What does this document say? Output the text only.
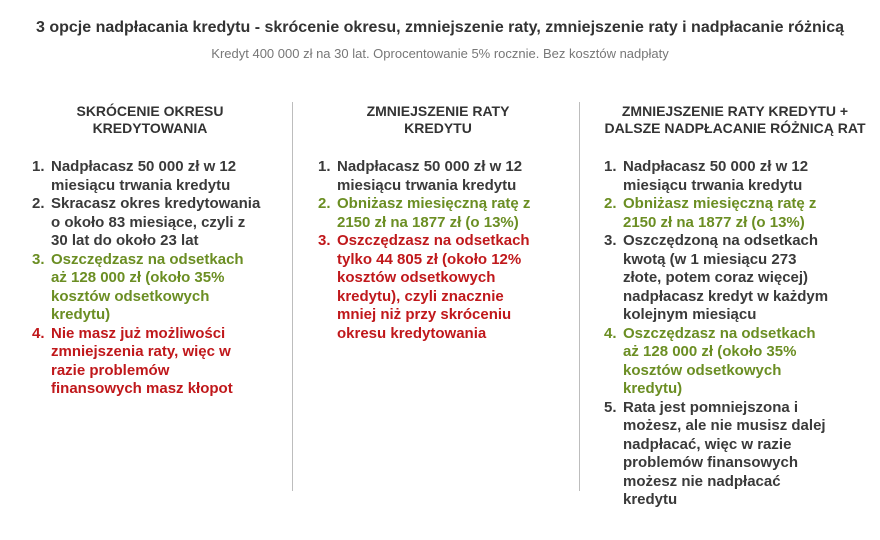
3 opcje nadpłacania kredytu - skrócenie okresu, zmniejszenie raty, zmniejszenie raty i nadpłacanie różnicą
Kredyt 400 000 zł na 30 lat. Oprocentowanie 5% rocznie. Bez kosztów nadpłaty
SKRÓCENIE OKRESU
KREDYTOWANIA
1. Nadpłacasz 50 000 zł w 12
miesiącu trwania kredytu
2. Skracasz okres kredytowania
o około 83 miesiące, czyli z
30 lat do około 23 lat
3. Oszczędzasz na odsetkach
aż 128 000 zł (około 35%
kosztów odsetkowych
kredytu)
4. Nie masz już możliwości
zmniejszenia raty, więc w
razie problemów
finansowych masz kłopot
ZMNIEJSZENIE RATY
KREDYTU
1. Nadpłacasz 50 000 zł w 12
miesiącu trwania kredytu
2. Obniżasz miesięczną ratę z
2150 zł na 1877 zł (o 13%)
3. Oszczędzasz na odsetkach
tylko 44 805 zł (około 12%
kosztów odsetkowych
kredytu), czyli znacznie
mniej niż przy skróceniu
okresu kredytowania
ZMNIEJSZENIE RATY KREDYTU +
DALSZE NADPŁACANIE RÓŻNICĄ RAT
1. Nadpłacasz 50 000 zł w 12
miesiącu trwania kredytu
2. Obniżasz miesięczną ratę z
2150 zł na 1877 zł (o 13%)
3. Oszczędzoną na odsetkach
kwotą (w 1 miesiącu 273
złote, potem coraz więcej)
nadpłacasz kredyt w każdym
kolejnym miesiącu
4. Oszczędzasz na odsetkach
aż 128 000 zł (około 35%
kosztów odsetkowych
kredytu)
5. Rata jest pomniejszona i
możesz, ale nie musisz dalej
nadpłacać, więc w razie
problemów finansowych
możesz nie nadpłacać
kredytu
